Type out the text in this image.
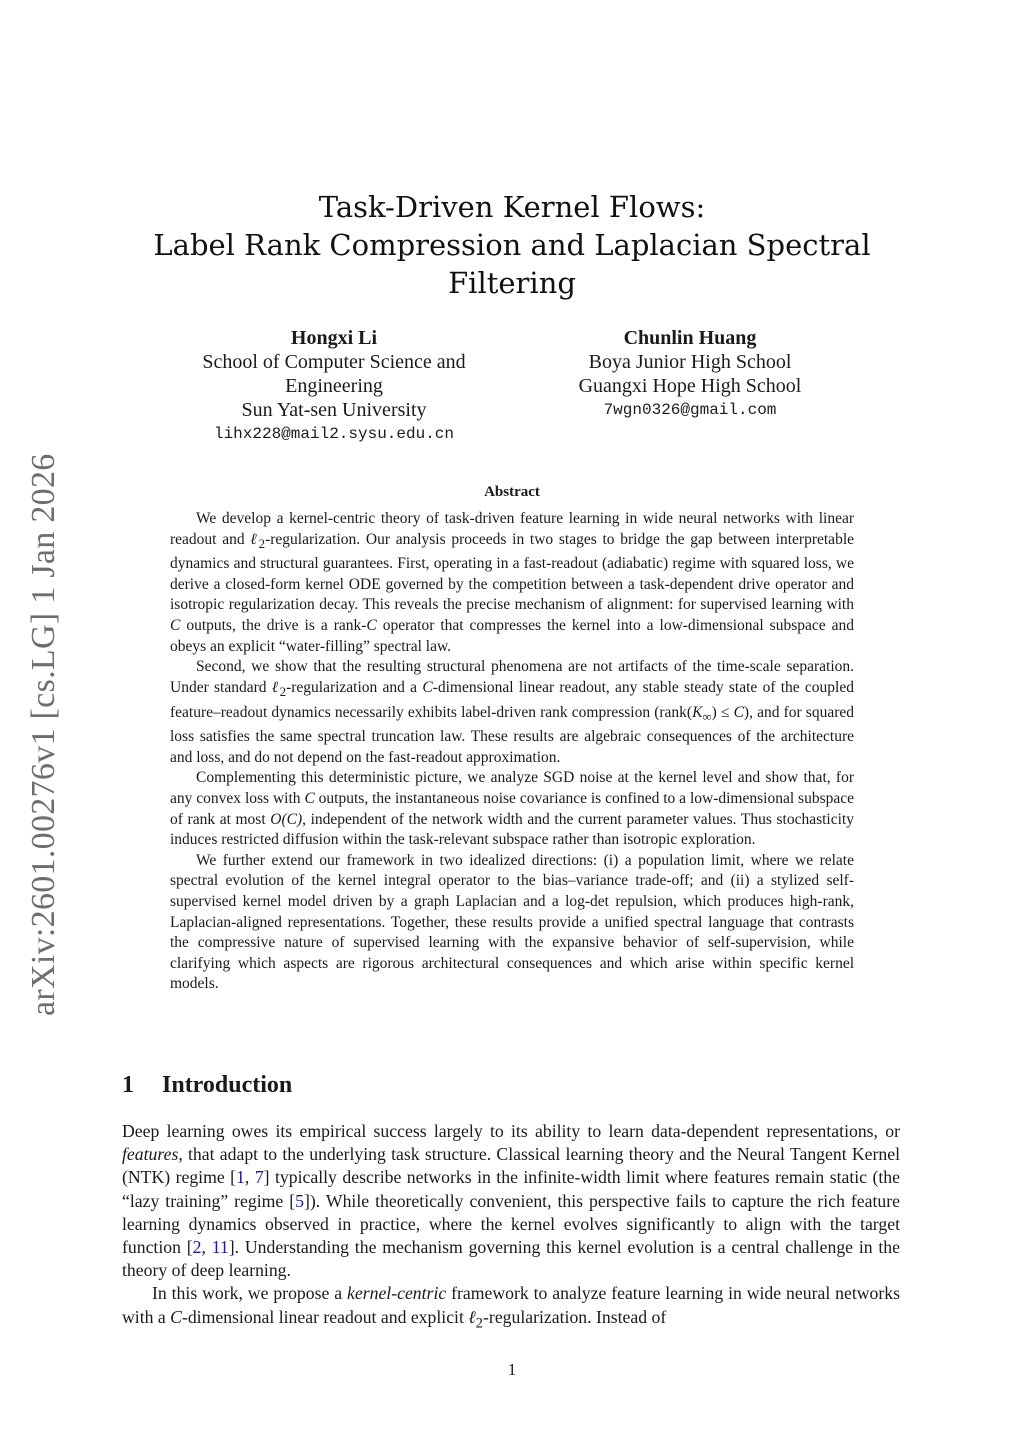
arXiv:2601.00276v1 [cs.LG] 1 Jan 2026
Task-Driven Kernel Flows:
Label Rank Compression and Laplacian Spectral
Filtering
Hongxi Li
School of Computer Science and
Engineering
Sun Yat-sen University
lihx228@mail2.sysu.edu.cn
Chunlin Huang
Boya Junior High School
Guangxi Hope High School
7wgn0326@gmail.com
Abstract

We develop a kernel-centric theory of task-driven feature learning in wide neural networks with linear readout and ℓ$_2$-regularization. Our analysis proceeds in two stages to bridge the gap between interpretable dynamics and structural guarantees. First, operating in a fast-readout (adiabatic) regime with squared loss, we derive a closed-form kernel ODE governed by the competition between a task-dependent drive operator and isotropic regularization decay. This reveals the precise mechanism of alignment: for supervised learning with C outputs, the drive is a rank-C operator that compresses the kernel into a low-dimensional subspace and obeys an explicit “water-filling” spectral law.

Second, we show that the resulting structural phenomena are not artifacts of the time-scale separation. Under standard ℓ$_2$-regularization and a C-dimensional linear readout, any stable steady state of the coupled feature–readout dynamics necessarily exhibits label-driven rank compression $(rank(K_\infty) \le C)$, and for squared loss satisfies the same spectral truncation law. These results are algebraic consequences of the architecture and loss, and do not depend on the fast-readout approximation.

Complementing this deterministic picture, we analyze SGD noise at the kernel level and show that, for any convex loss with C outputs, the instantaneous noise covariance is confined to a low-dimensional subspace of rank at most O(C), independent of the network width and the current parameter values. Thus stochasticity induces restricted diffusion within the task-relevant subspace rather than isotropic exploration.

We further extend our framework in two idealized directions: (i) a population limit, where we relate spectral evolution of the kernel integral operator to the bias–variance trade-off; and (ii) a stylized self-supervised kernel model driven by a graph Laplacian and a log-det repulsion, which produces high-rank, Laplacian-aligned representations. Together, these results provide a unified spectral language that contrasts the compressive nature of supervised learning with the expansive behavior of self-supervision, while clarifying which aspects are rigorous architectural consequences and which arise within specific kernel models.

1 Introduction

Deep learning owes its empirical success largely to its ability to learn data-dependent representations, or features, that adapt to the underlying task structure. Classical learning theory and the Neural Tangent Kernel (NTK) regime [1, 7] typically describe networks in the infinite-width limit where features remain static (the “lazy training” regime [5]). While theoretically convenient, this perspective fails to capture the rich feature learning dynamics observed in practice, where the kernel evolves significantly to align with the target function [2, 11]. Understanding the mechanism governing this kernel evolution is a central challenge in the theory of deep learning.

In this work, we propose a kernel-centric framework to analyze feature learning in wide neural networks with a C-dimensional linear readout and explicit ℓ$_2$-regularization. Instead of

1
